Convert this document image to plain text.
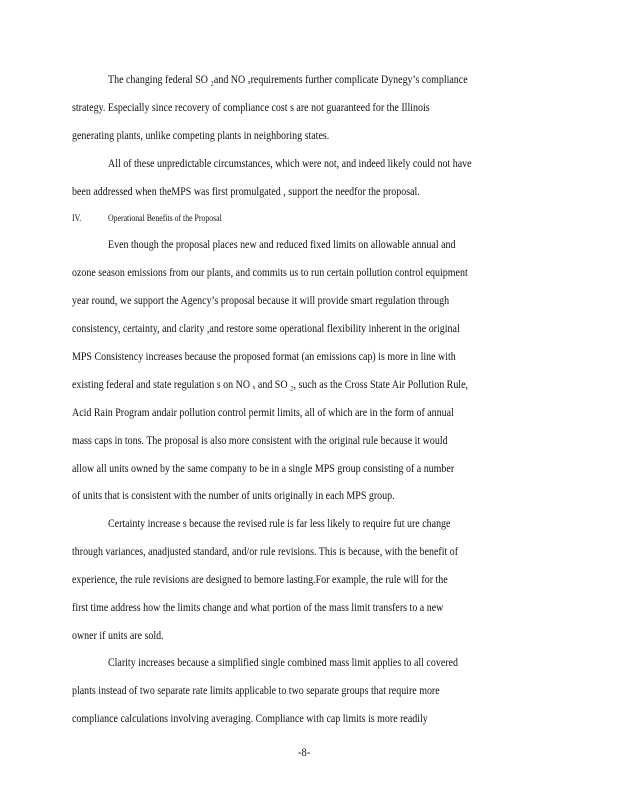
The changing federal SO ₂and NO ₓrequirements further complicate Dynegy’s compliance
strategy. Especially since recovery of compliance cost s are not guaranteed for the Illinois
generating plants, unlike competing plants in neighboring states.
All of these unpredictable circumstances, which were not, and indeed likely could not have
been addressed when theMPS was first promulgated , support the needfor the proposal.
IV.	Operational Benefits of the Proposal
Even though the proposal places new and reduced fixed limits on allowable annual and
ozone season emissions from our plants, and commits us to run certain pollution control equipment
year round, we support the Agency’s proposal because it will provide smart regulation through
consistency, certainty, and clarity ,and restore some operational flexibility inherent in the original
MPS Consistency increases because the proposed format (an emissions cap) is more in line with
existing federal and state regulation s on NO ₓ and SO ₂, such as the Cross State Air Pollution Rule,
Acid Rain Program andair pollution control permit limits, all of which are in the form of annual
mass caps in tons. The proposal is also more consistent with the original rule because it would
allow all units owned by the same company to be in a single MPS group consisting of a number
of units that is consistent with the number of units originally in each MPS group.
Certainty increase s because the revised rule is far less likely to require fut ure change
through variances, anadjusted standard, and/or rule revisions. This is because, with the benefit of
experience, the rule revisions are designed to bemore lasting.For example, the rule will for the
first time address how the limits change and what portion of the mass limit transfers to a new
owner if units are sold.
Clarity increases because a simplified single combined mass limit applies to all covered
plants instead of two separate rate limits applicable to two separate groups that require more
compliance calculations involving averaging. Compliance with cap limits is more readily
-8-
